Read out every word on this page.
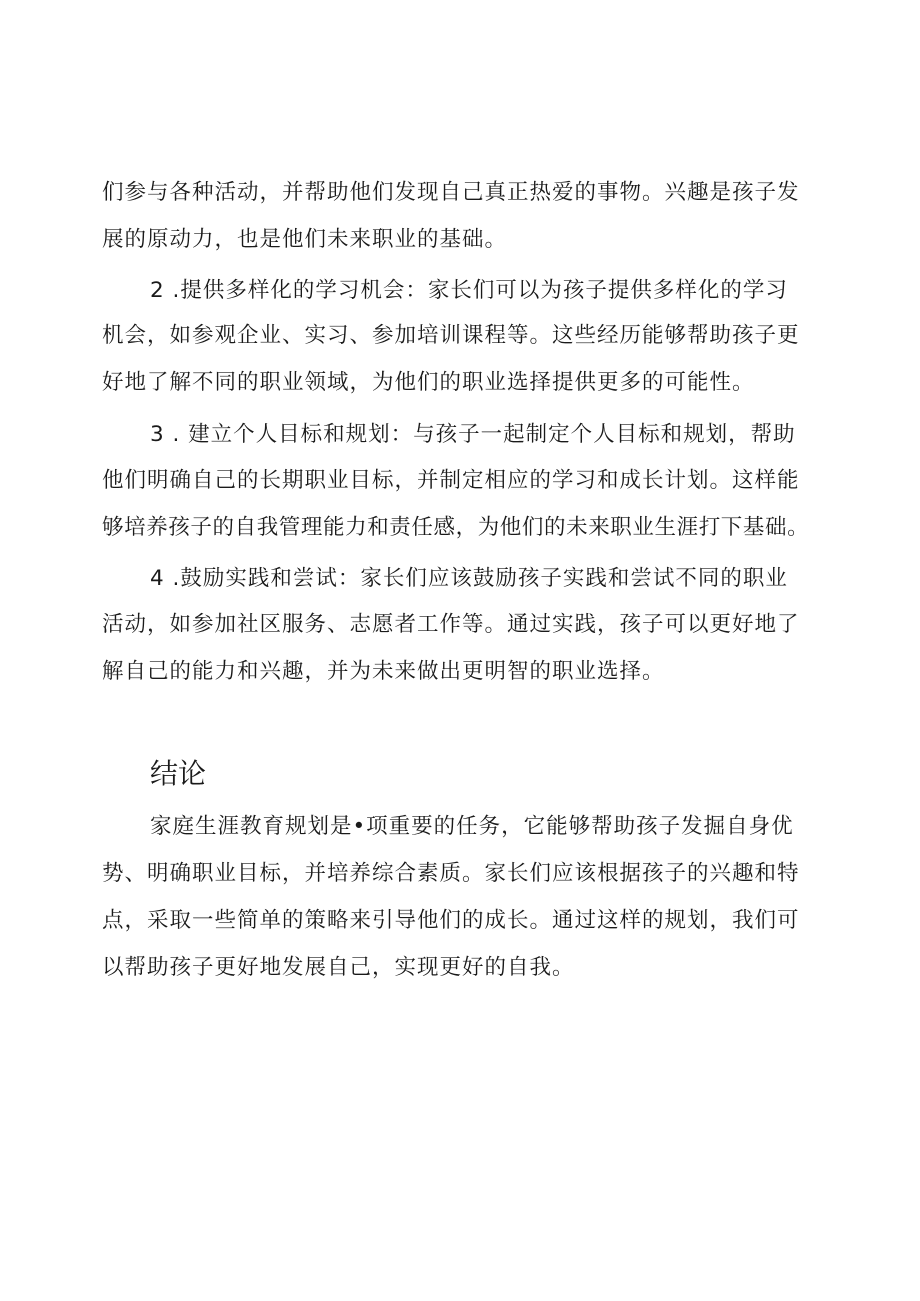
们参与各种活动，并帮助他们发现自己真正热爱的事物。兴趣是孩子发

展的原动力，也是他们未来职业的基础。

2 .提供多样化的学习机会：家长们可以为孩子提供多样化的学习

机会，如参观企业、实习、参加培训课程等。这些经历能够帮助孩子更

好地了解不同的职业领域，为他们的职业选择提供更多的可能性。

3 . 建立个人目标和规划：与孩子一起制定个人目标和规划，帮助

他们明确自己的长期职业目标，并制定相应的学习和成长计划。这样能

够培养孩子的自我管理能力和责任感，为他们的未来职业生涯打下基础。

4 .鼓励实践和尝试：家长们应该鼓励孩子实践和尝试不同的职业

活动，如参加社区服务、志愿者工作等。通过实践，孩子可以更好地了

解自己的能力和兴趣，并为未来做出更明智的职业选择。

结论

家庭生涯教育规划是•项重要的任务，它能够帮助孩子发掘自身优

势、明确职业目标，并培养综合素质。家长们应该根据孩子的兴趣和特

点，采取一些简单的策略来引导他们的成长。通过这样的规划，我们可

以帮助孩子更好地发展自己，实现更好的自我。
